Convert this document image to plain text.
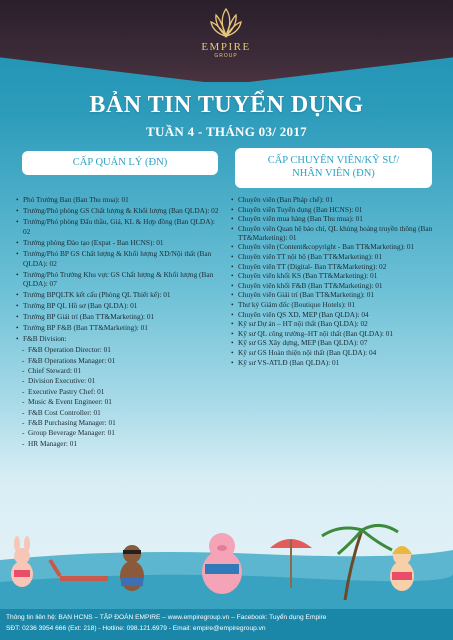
EMPIRE
GROUP
BẢN TIN TUYỂN DỤNG
TUẦN 4 - THÁNG 03/ 2017
CẤP QUẢN LÝ (ĐN)	CẤP CHUYÊN VIÊN/KỸ SƯ/
NHÂN VIÊN (ĐN)
• Phó Trưởng Ban (Ban Thu mua): 01
• Trưởng/Phó phòng GS Chất lượng & Khối lượng (Ban QLDA): 02
• Trưởng/Phó phòng Đấu thầu, Giá, KL & Hợp đồng (Ban QLDA): 02
• Trưởng phòng Đào tạo (Expat - Ban HCNS): 01
• Trưởng/Phó BP GS Chất lượng & Khối lượng XD/Nội thất (Ban QLDA): 02
• Trưởng/Phó Trưởng Khu vực GS Chất lượng & Khối lượng (Ban QLDA): 07
• Trưởng BPQLTK kết cấu (Phòng QL Thiết kế): 01
• Trưởng BP QL Hồ sơ (Ban QLDA): 01
• Trưởng BP Giải trí (Ban TT&Marketing): 01
• Trưởng BP F&B (Ban TT&Marketing): 01
• F&B Division:
- F&B Operation Director: 01
- F&B Operations Manager: 01
- Chief Steward: 01
- Division Executive: 01
- Executive Pastry Chef: 01
- Music & Event Engineer: 01
- F&B Cost Controller: 01
- F&B Purchasing Manager: 01
- Group Beverage Manager: 01
- HR Manager: 01
• Chuyên viên (Ban Pháp chế): 01
• Chuyên viên Tuyển dụng (Ban HCNS): 01
• Chuyên viên mua hàng (Ban Thu mua): 01
• Chuyên viên Quan hệ báo chí, QL khủng hoảng truyền thông (Ban TT&Marketing): 01
• Chuyên viên (Content&copyright - Ban TT&Marketing): 01
• Chuyên viên TT nội bộ (Ban TT&Marketing): 01
• Chuyên viên TT (Digital- Ban TT&Marketing): 02
• Chuyên viên khối KS (Ban TT&Marketing): 01
• Chuyên viên khối F&B (Ban TT&Marketing): 01
• Chuyên viên Giải trí (Ban TT&Marketing): 01
• Thư ký Giám đốc (Boutique Hotels): 01
• Chuyên viên QS XD, MEP (Ban QLDA): 04
• Kỹ sư Dự án – HT nội thất (Ban QLDA): 02
• Kỹ sư QL công trường–HT nội thất (Ban QLDA): 01
• Kỹ sư GS Xây dựng, MEP (Ban QLDA): 07
• Kỹ sư GS Hoàn thiện nội thất (Ban QLDA): 04
• Kỹ sư VS-ATLĐ (Ban QLDA): 01
Thông tin liên hệ: BAN HCNS – TẬP ĐOÀN EMPIRE – www.empiregroup.vn – Facebook: Tuyển dụng Empire
SĐT: 0236 3954 666 (Ext: 218) - Hotline: 098.121.6979 - Email: empire@empiregroup.vn
